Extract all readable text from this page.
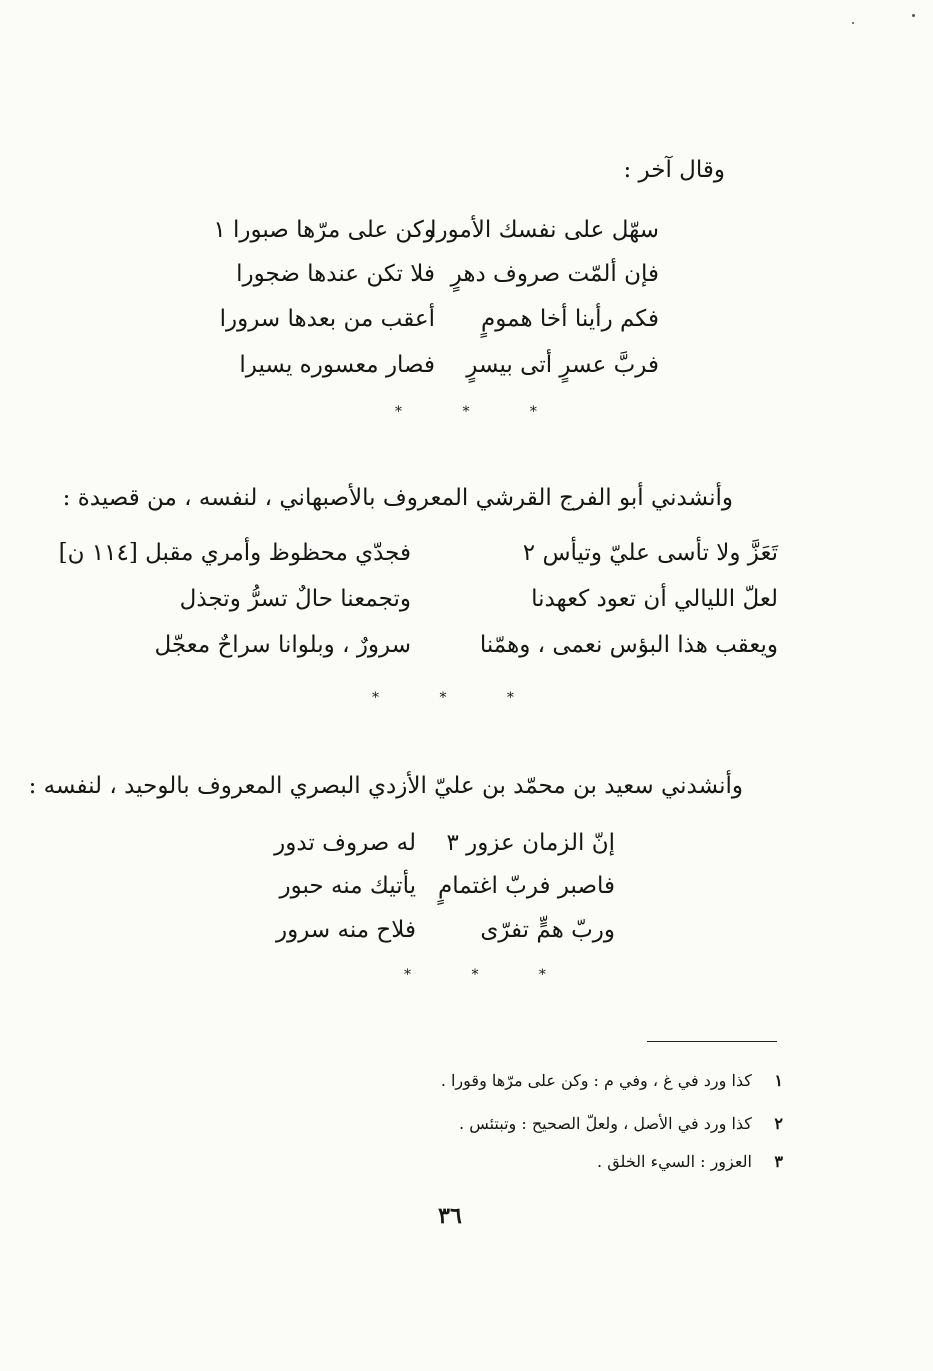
وقال آخر :
سهّل على نفسك الأمورا
وكن على مرّها صبورا ١
فإن ألمّت صروف دهرٍ
فلا تكن عندها ضجورا
فكم رأينا أخا همومٍ
أعقب من بعدها سرورا
فربَّ عسرٍ أتى بيسرٍ
فصار معسوره يسيرا
* * *
وأنشدني أبو الفرج القرشي المعروف بالأصبهاني ، لنفسه ، من قصيدة :
تَعَزَّ ولا تأسى عليّ وتيأس ٢
فجدّي محظوظ وأمري مقبل [١١٤ ن]
لعلّ الليالي أن تعود كعهدنا
وتجمعنا حالٌ تسرُّ وتجذل
ويعقب هذا البؤس نعمى ، وهمّنا
سرورٌ ، وبلوانا سراحٌ معجّل
* * *
وأنشدني سعيد بن محمّد بن عليّ الأزدي البصري المعروف بالوحيد ، لنفسه :
إنّ الزمان عزور ٣
له صروف تدور
فاصبر فربّ اغتمامٍ
يأتيك منه حبور
وربّ همٍّ تفرّى
فلاح منه سرور
* * *
١ كذا ورد في غ ، وفي م : وكن على مرّها وقورا .
٢ كذا ورد في الأصل ، ولعلّ الصحيح : وتبتئس .
٣ العزور : السيء الخلق .
٣٦
